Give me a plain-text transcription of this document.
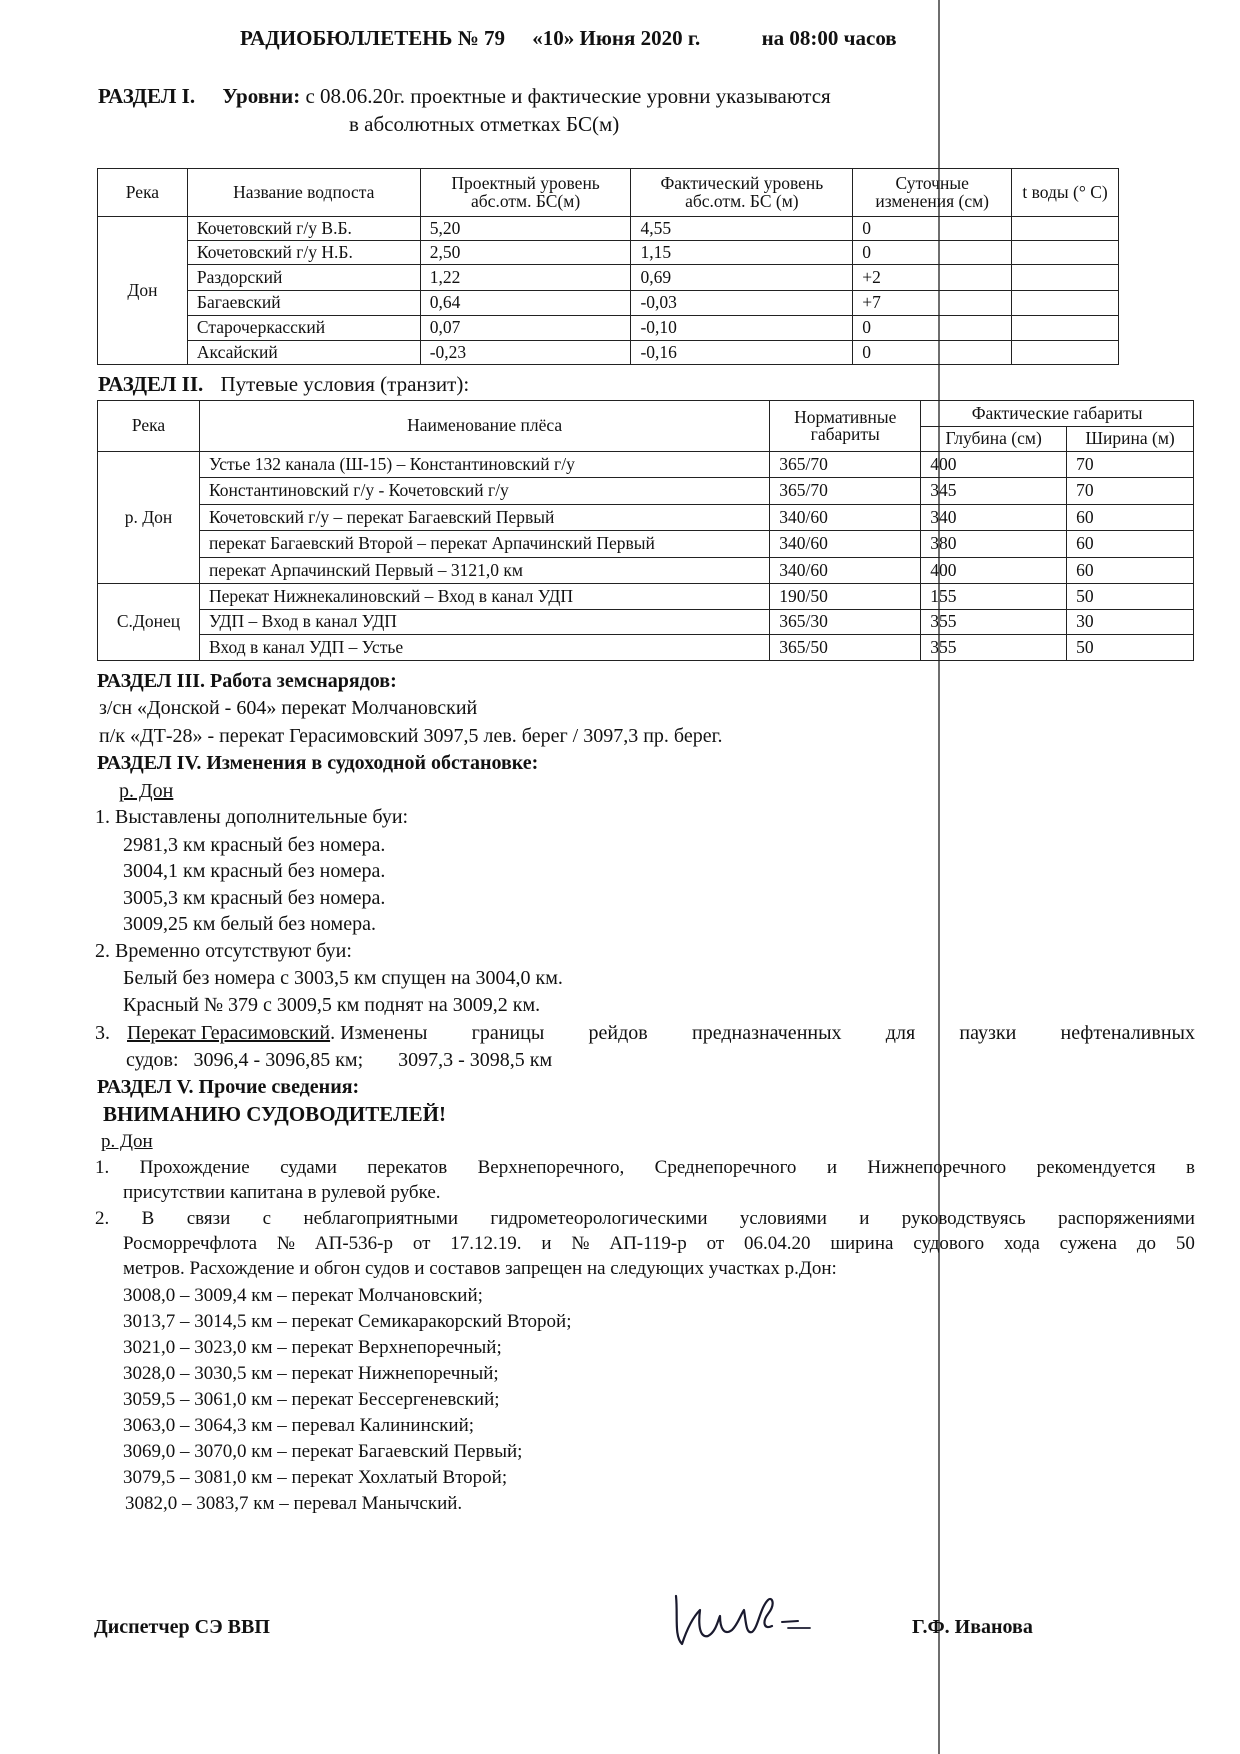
РАДИОБЮЛЛЕТЕНЬ № 79 «10» Июня 2020 г.	на 08:00 часов
РАЗДЕЛ I. Уровни: с 08.06.20г. проектные и фактические уровни указываются
в абсолютных отметках БС(м)
Река	Название водпоста	Проектный уровень абс.отм. БС(м)	Фактический уровень абс.отм. БС (м)	Суточные изменения (см)	t воды (° С)
Дон	Кочетовский г/у В.Б.	5,20	4,55	0	
	Кочетовский г/у Н.Б.	2,50	1,15	0	
	Раздорский	1,22	0,69	+2	
	Багаевский	0,64	-0,03	+7	
	Старочеркасский	0,07	-0,10	0	
	Аксайский	-0,23	-0,16	0	
РАЗДЕЛ II. Путевые условия (транзит):
Река	Наименование плёса	Нормативные габариты	Фактические габариты	
			Глубина (см)	Ширина (м)
р. Дон	Устье 132 канала (Ш-15) – Константиновский г/у	365/70	400	70
	Константиновский г/у - Кочетовский г/у	365/70	345	70
	Кочетовский г/у – перекат Багаевский Первый	340/60	340	60
	перекат Багаевский Второй – перекат Арпачинский Первый	340/60	380	60
	перекат Арпачинский Первый – 3121,0 км	340/60	400	60
С.Донец	Перекат Нижнекалиновский – Вход в канал УДП	190/50	155	50
	УДП – Вход в канал УДП	365/30	355	30
	Вход в канал УДП – Устье	365/50	355	50
РАЗДЕЛ III. Работа земснарядов:
з/сн «Донской - 604» перекат Молчановский
п/к «ДТ-28» - перекат Герасимовский 3097,5 лев. берег / 3097,3 пр. берег.
РАЗДЕЛ IV. Изменения в судоходной обстановке:
р. Дон
1. Выставлены дополнительные буи:
2981,3 км красный без номера.
3004,1 км красный без номера.
3005,3 км красный без номера.
3009,25 км белый без номера.
2. Временно отсутствуют буи:
Белый без номера с 3003,5 км спущен на 3004,0 км.
Красный № 379 с 3009,5 км поднят на 3009,2 км.
3. Перекат Герасимовский. Изменены границы рейдов предназначенных для паузки нефтеналивных
судов:   3096,4 - 3096,85 км;       3097,3 - 3098,5 км
РАЗДЕЛ V. Прочие сведения:
ВНИМАНИЮ СУДОВОДИТЕЛЕЙ!
р. Дон
1. Прохождение судами перекатов Верхнепоречного, Среднепоречного и Нижнепоречного рекомендуется в
присутствии капитана в рулевой рубке.
2. В связи с неблагоприятными гидрометеорологическими условиями и руководствуясь распоряжениями
Росморречфлота № АП-536-р от 17.12.19. и № АП-119-р от 06.04.20 ширина судового хода сужена до 50
метров. Расхождение и обгон судов и составов запрещен на следующих участках р.Дон:
3008,0 – 3009,4 км – перекат Молчановский;
3013,7 – 3014,5 км – перекат Семикаракорский Второй;
3021,0 – 3023,0 км – перекат Верхнепоречный;
3028,0 – 3030,5 км – перекат Нижнепоречный;
3059,5 – 3061,0 км – перекат Бессергеневский;
3063,0 – 3064,3 км – перевал Калининский;
3069,0 – 3070,0 км – перекат Багаевский Первый;
3079,5 – 3081,0 км – перекат Хохлатый Второй;
3082,0 – 3083,7 км – перевал Манычский.
Диспетчер СЭ ВВП	Г.Ф. Иванова
